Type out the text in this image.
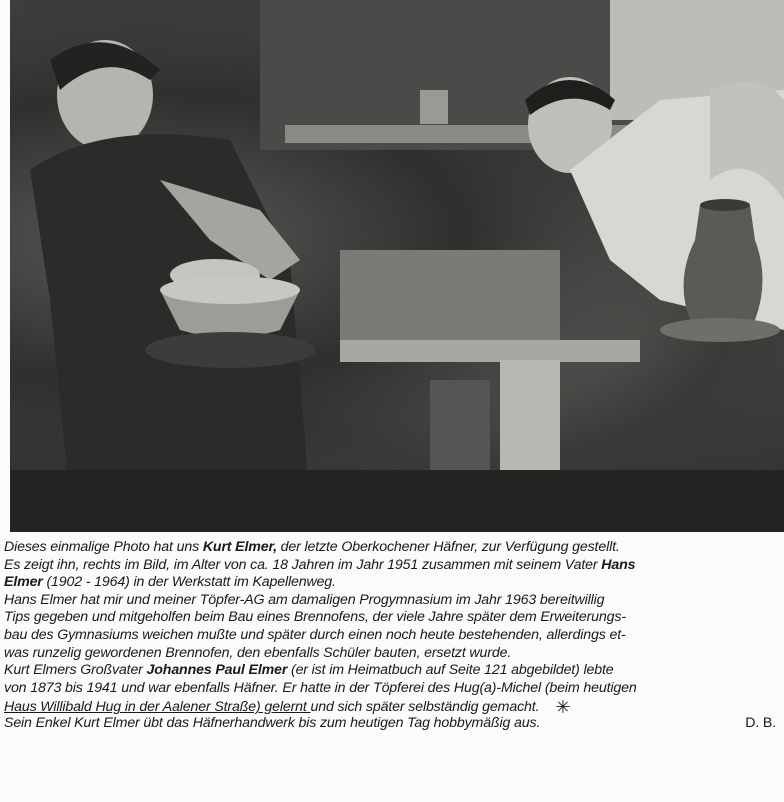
Dieses einmalige Photo hat uns Kurt Elmer, der letzte Oberkochener Häfner, zur Verfügung gestellt.
Es zeigt ihn, rechts im Bild, im Alter von ca. 18 Jahren im Jahr 1951 zusammen mit seinem Vater Hans
Elmer (1902 - 1964) in der Werkstatt im Kapellenweg.
Hans Elmer hat mir und meiner Töpfer-AG am damaligen Progymnasium im Jahr 1963 bereitwillig
Tips gegeben und mitgeholfen beim Bau eines Brennofens, der viele Jahre später dem Erweiterungs-
bau des Gymnasiums weichen mußte und später durch einen noch heute bestehenden, allerdings et-
was runzelig gewordenen Brennofen, den ebenfalls Schüler bauten, ersetzt wurde.
Kurt Elmers Großvater Johannes Paul Elmer (er ist im Heimatbuch auf Seite 121 abgebildet) lebte
von 1873 bis 1941 und war ebenfalls Häfner. Er hatte in der Töpferei des Hug(a)-Michel (beim heutigen
Haus Willibald Hug in der Aalener Straße) gelernt und sich später selbständig gemacht. ✳
Sein Enkel Kurt Elmer übt das Häfnerhandwerk bis zum heutigen Tag hobbymäßig aus.	D. B.
